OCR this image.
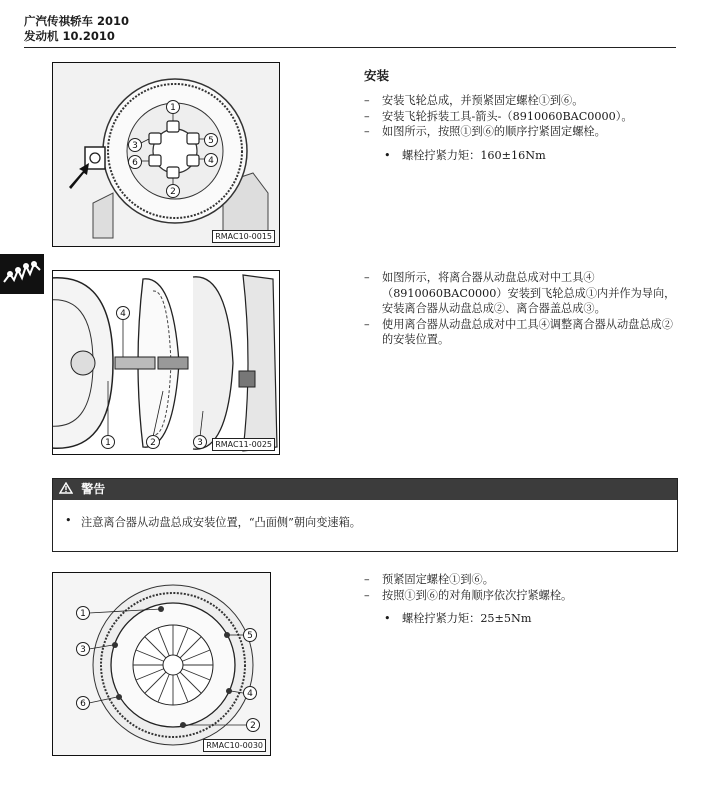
广汽传祺轿车 2010
发动机 10.2010
1
5
4
2
6
3
RMAC10-0015
安装
– 安装飞轮总成，并预紧固定螺栓①到⑥。
– 安装飞轮拆装工具-箭头-（8910060BAC0000）。
– 如图所示，按照①到⑥的顺序拧紧固定螺栓。
• 螺栓拧紧力矩：160±16Nm
1	2	3
4
RMAC11-0025
– 如图所示，将离合器从动盘总成对中工具④（8910060BAC0000）安装到飞轮总成①内并作为导向，安装离合器从动盘总成②、离合器盖总成③。
– 使用离合器从动盘总成对中工具④调整离合器从动盘总成②的安装位置。
警告
• 注意离合器从动盘总成安装位置，“凸面侧”朝向变速箱。
1
5
4
2
6
3
RMAC10-0030
– 预紧固定螺栓①到⑥。
– 按照①到⑥的对角顺序依次拧紧螺栓。
• 螺栓拧紧力矩：25±5Nm
